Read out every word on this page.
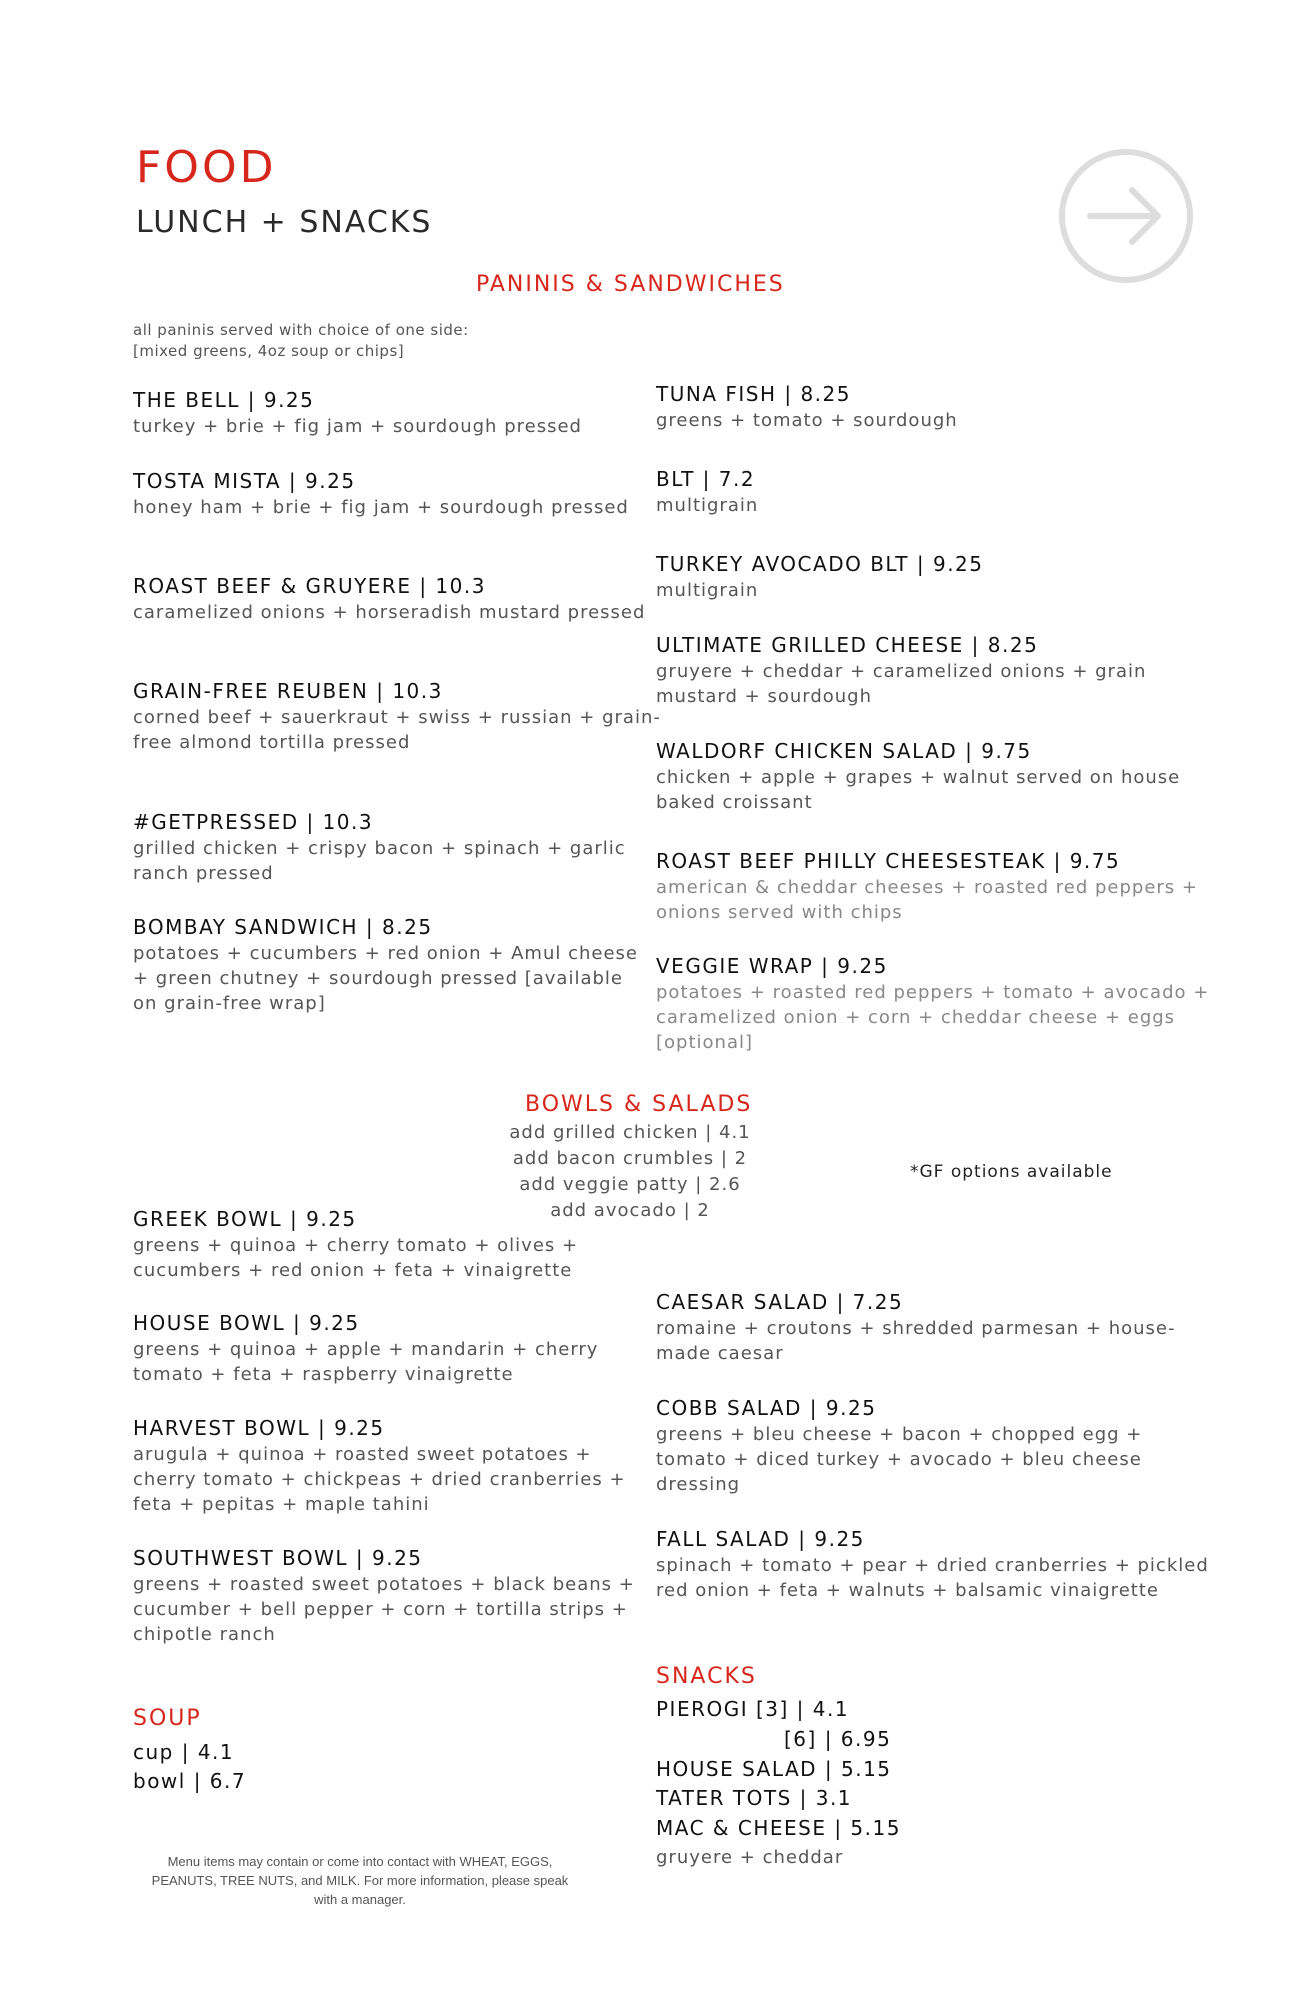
FOOD
LUNCH + SNACKS
PANINIS & SANDWICHES
all paninis served with choice of one side:
[mixed greens, 4oz soup or chips]
THE BELL | 9.25
turkey + brie + fig jam + sourdough pressed
TOSTA MISTA | 9.25
honey ham + brie + fig jam + sourdough pressed
ROAST BEEF & GRUYERE | 10.3
caramelized onions + horseradish mustard pressed
GRAIN-FREE REUBEN | 10.3
corned beef + sauerkraut + swiss + russian + grain-free almond tortilla pressed
#GETPRESSED | 10.3
grilled chicken + crispy bacon + spinach + garlic ranch pressed
BOMBAY SANDWICH | 8.25
potatoes + cucumbers + red onion + Amul cheese + green chutney + sourdough pressed [available on grain-free wrap]
TUNA FISH | 8.25
greens + tomato + sourdough
BLT | 7.2
multigrain
TURKEY AVOCADO BLT | 9.25
multigrain
ULTIMATE GRILLED CHEESE | 8.25
gruyere + cheddar + caramelized onions + grain mustard + sourdough
WALDORF CHICKEN SALAD | 9.75
chicken + apple + grapes + walnut served on house baked croissant
ROAST BEEF PHILLY CHEESESTEAK | 9.75
american & cheddar cheeses + roasted red peppers + onions served with chips
VEGGIE WRAP | 9.25
potatoes + roasted red peppers + tomato + avocado + caramelized onion + corn + cheddar cheese + eggs [optional]
BOWLS & SALADS
add grilled chicken | 4.1
add bacon crumbles | 2
add veggie patty | 2.6
add avocado | 2
*GF options available
GREEK BOWL | 9.25
greens + quinoa + cherry tomato + olives + cucumbers + red onion + feta + vinaigrette
HOUSE BOWL | 9.25
greens + quinoa + apple + mandarin + cherry tomato + feta + raspberry vinaigrette
HARVEST BOWL | 9.25
arugula + quinoa + roasted sweet potatoes + cherry tomato + chickpeas + dried cranberries + feta + pepitas + maple tahini
SOUTHWEST BOWL | 9.25
greens + roasted sweet potatoes + black beans + cucumber + bell pepper + corn + tortilla strips + chipotle ranch
CAESAR SALAD | 7.25
romaine + croutons + shredded parmesan + house-made caesar
COBB SALAD | 9.25
greens + bleu cheese + bacon + chopped egg + tomato + diced turkey + avocado + bleu cheese dressing
FALL SALAD | 9.25
spinach + tomato + pear + dried cranberries + pickled red onion + feta + walnuts + balsamic vinaigrette
SOUP
cup | 4.1
bowl | 6.7
SNACKS
PIEROGI [3] | 4.1
[6] | 6.95
HOUSE SALAD | 5.15
TATER TOTS | 3.1
MAC & CHEESE | 5.15
gruyere + cheddar
Menu items may contain or come into contact with WHEAT, EGGS, PEANUTS, TREE NUTS, and MILK. For more information, please speak with a manager.
